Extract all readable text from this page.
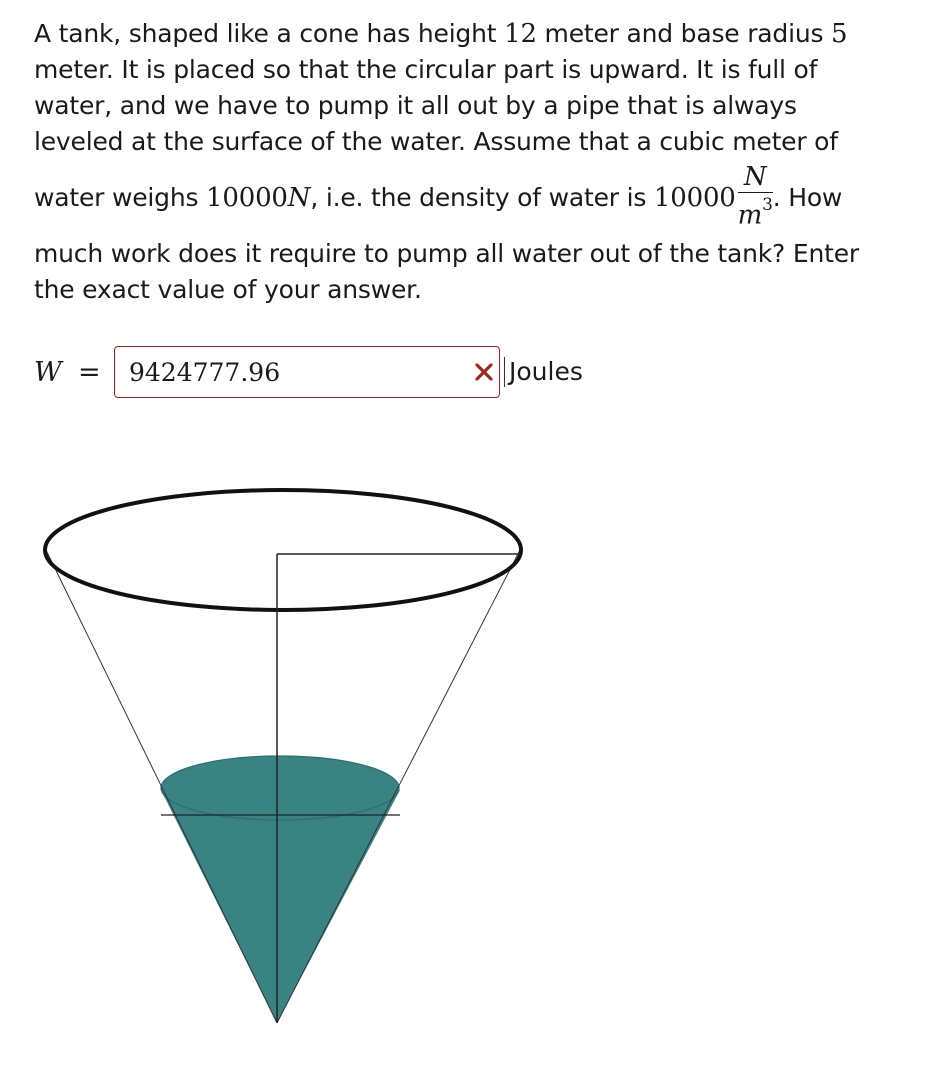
A tank, shaped like a cone has height 12 meter and base radius 5
meter. It is placed so that the circular part is upward. It is full of
water, and we have to pump it all out by a pipe that is always
leveled at the surface of the water. Assume that a cubic meter of
water weighs 10000N, i.e. the density of water is $10000 \frac{N}{m^3}$ . How
much work does it require to pump all water out of the tank? Enter
the exact value of your answer.

W =	9424777.96	Joules
